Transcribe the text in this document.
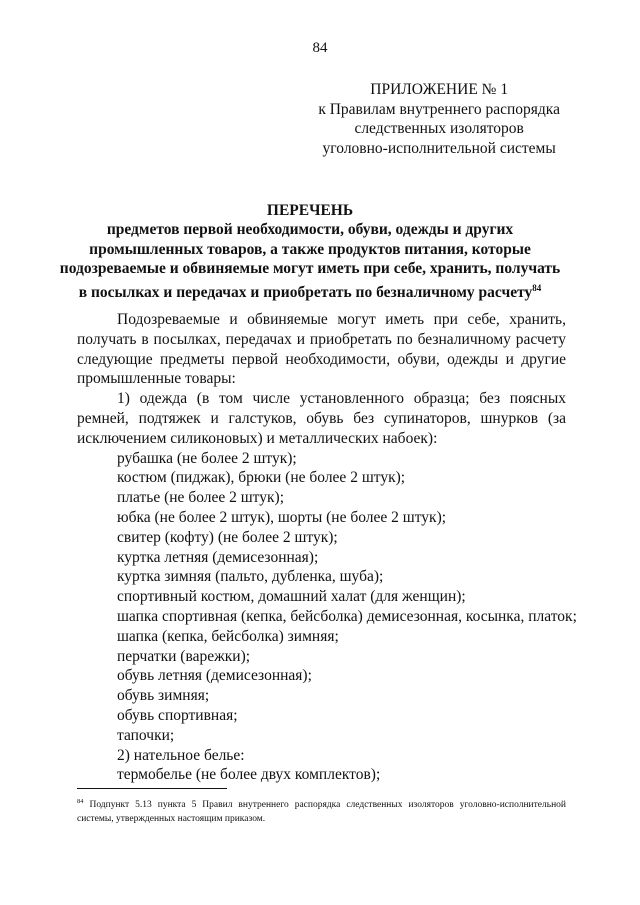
84
ПРИЛОЖЕНИЕ № 1
к Правилам внутреннего распорядка
следственных изоляторов
уголовно-исполнительной системы
ПЕРЕЧЕНЬ
предметов первой необходимости, обуви, одежды и других
промышленных товаров, а также продуктов питания, которые
подозреваемые и обвиняемые могут иметь при себе, хранить, получать
в посылках и передачах и приобретать по безналичному расчету$^{84}$

Подозреваемые и обвиняемые могут иметь при себе, хранить, получать в посылках, передачах и приобретать по безналичному расчету следующие предметы первой необходимости, обуви, одежды и другие промышленные товары:

1) одежда (в том числе установленного образца; без поясных ремней, подтяжек и галстуков, обувь без супинаторов, шнурков (за исключением силиконовых) и металлических набоек):

рубашка (не более 2 штук);

костюм (пиджак), брюки (не более 2 штук);

платье (не более 2 штук);

юбка (не более 2 штук), шорты (не более 2 штук);

свитер (кофту) (не более 2 штук);

куртка летняя (демисезонная);

куртка зимняя (пальто, дубленка, шуба);

спортивный костюм, домашний халат (для женщин);

шапка спортивная (кепка, бейсболка) демисезонная, косынка, платок;

шапка (кепка, бейсболка) зимняя;

перчатки (варежки);

обувь летняя (демисезонная);

обувь зимняя;

обувь спортивная;

тапочки;

2) нательное белье:

термобелье (не более двух комплектов);

$^{84}$ Подпункт 5.13 пункта 5 Правил внутреннего распорядка следственных изоляторов уголовно-исполнительной системы, утвержденных настоящим приказом.
